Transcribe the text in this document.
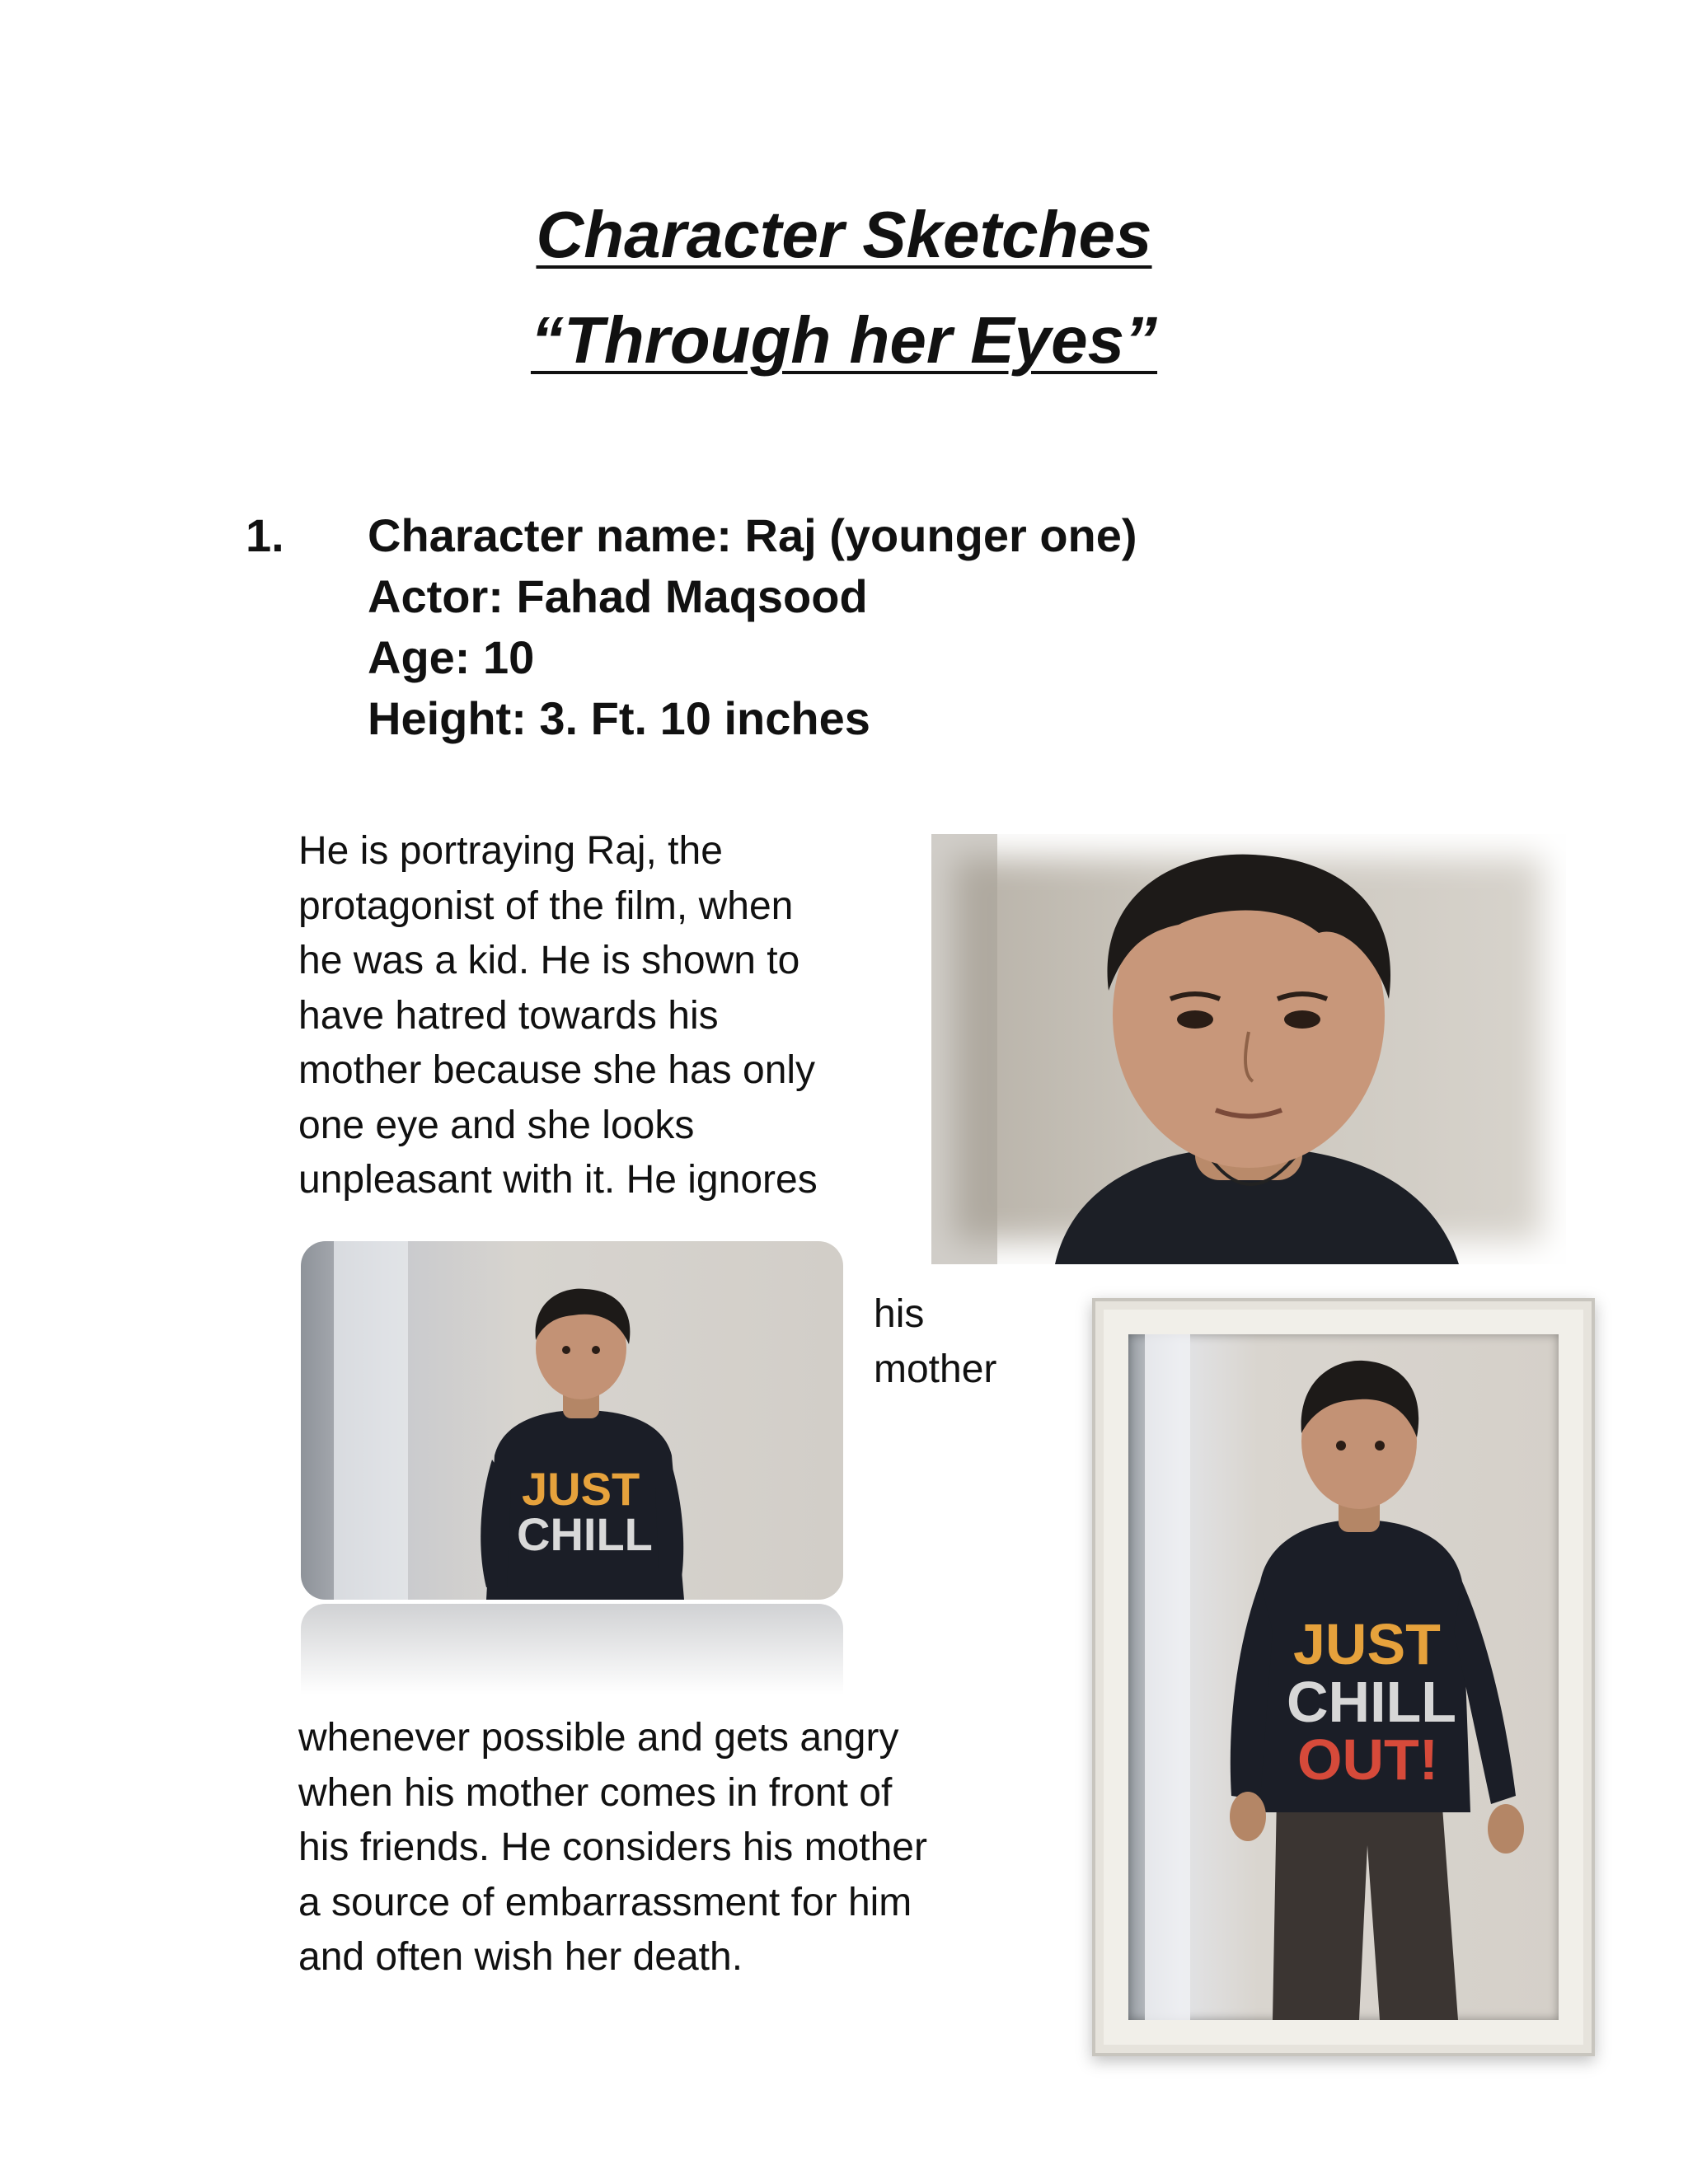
Character Sketches
“Through her Eyes”
1. Character name: Raj (younger one)
Actor: Fahad Maqsood
Age: 10
Height: 3. Ft. 10 inches
He is portraying Raj, the
protagonist of the film, when
he was a kid. He is shown to
have hatred towards his
mother because she has only
one eye and she looks
unpleasant with it. He ignores
his
mother
whenever possible and gets angry
when his mother comes in front of
his friends. He considers his mother
a source of embarrassment for him
and often wish her death.
JUST
CHILL
JUST
CHILL
OUT!
